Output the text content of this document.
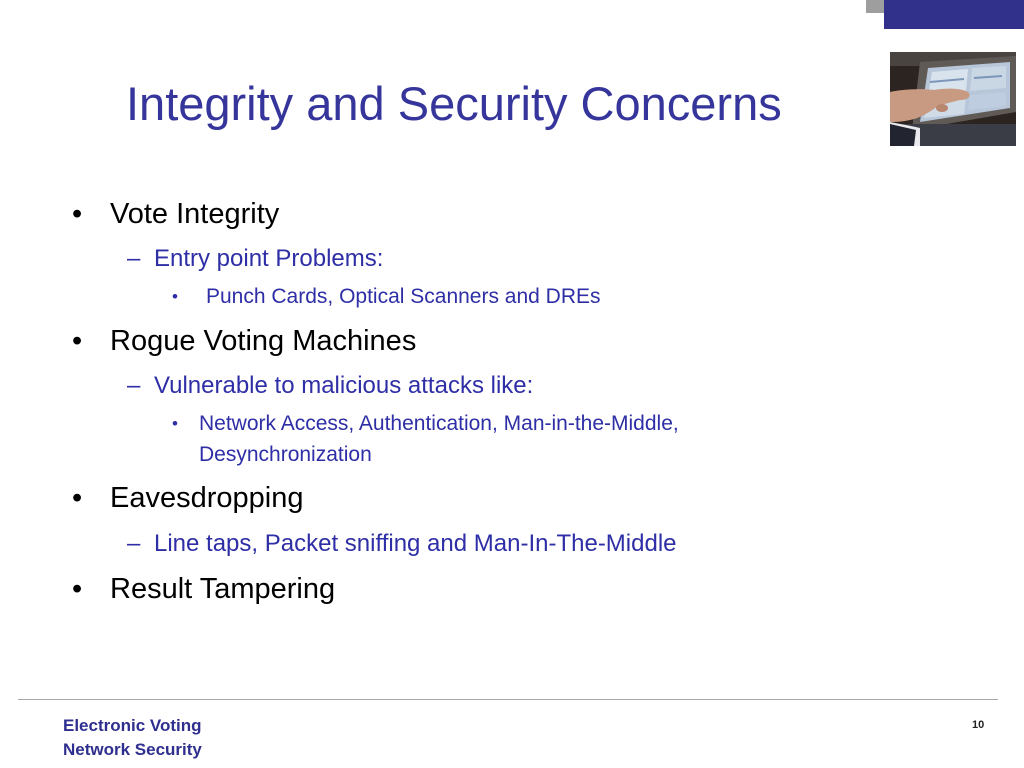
Integrity and Security Concerns
• Vote Integrity
– Entry point Problems:
• Punch Cards, Optical Scanners and DREs
• Rogue Voting Machines
– Vulnerable to malicious attacks like:
• Network Access, Authentication, Man-in-the-Middle,
Desynchronization
• Eavesdropping
– Line taps, Packet sniffing and Man-In-The-Middle
• Result Tampering
Electronic Voting
Network Security
10
